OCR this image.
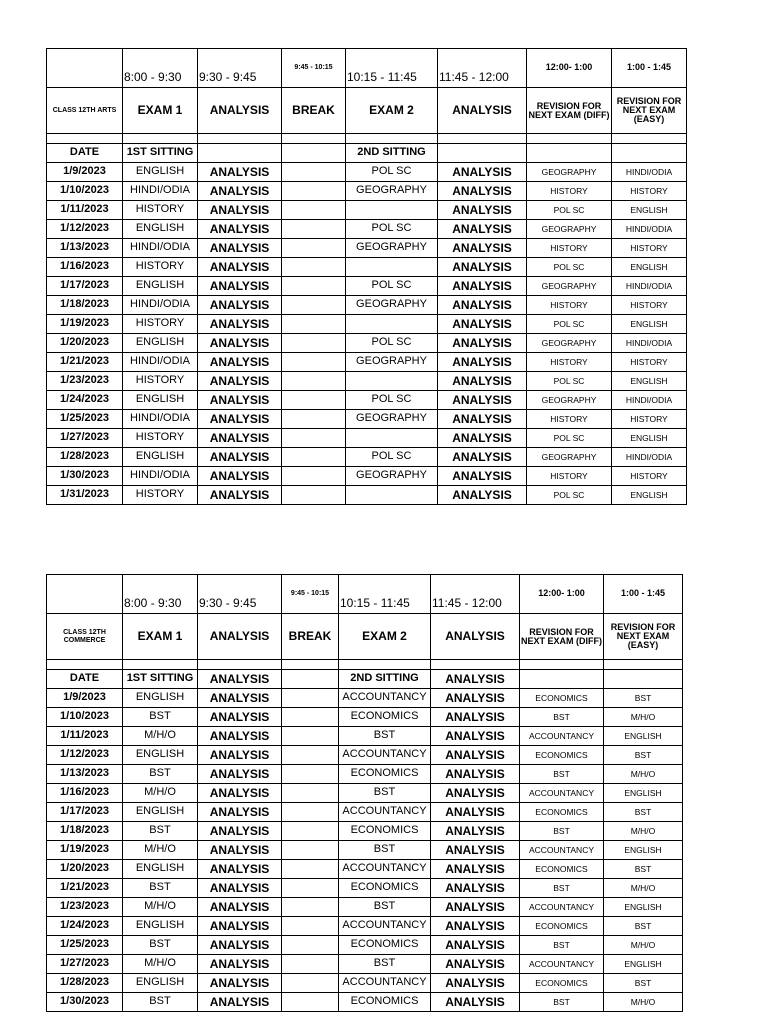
	8:00 - 9:30	9:30 - 9:45	9:45 - 10:15	10:15 - 11:45	11:45 - 12:00	12:00- 1:00	1:00 - 1:45
CLASS 12TH ARTS	EXAM 1	ANALYSIS	BREAK	EXAM 2	ANALYSIS	REVISION FOR NEXT EXAM (DIFF)	REVISION FOR NEXT EXAM (EASY)

DATE	1ST SITTING			2ND SITTING			
1/9/2023	ENGLISH	ANALYSIS		POL SC	ANALYSIS	GEOGRAPHY	HINDI/ODIA
1/10/2023	HINDI/ODIA	ANALYSIS		GEOGRAPHY	ANALYSIS	HISTORY	HISTORY
1/11/2023	HISTORY	ANALYSIS			ANALYSIS	POL SC	ENGLISH
1/12/2023	ENGLISH	ANALYSIS		POL SC	ANALYSIS	GEOGRAPHY	HINDI/ODIA
1/13/2023	HINDI/ODIA	ANALYSIS		GEOGRAPHY	ANALYSIS	HISTORY	HISTORY
1/16/2023	HISTORY	ANALYSIS			ANALYSIS	POL SC	ENGLISH
1/17/2023	ENGLISH	ANALYSIS		POL SC	ANALYSIS	GEOGRAPHY	HINDI/ODIA
1/18/2023	HINDI/ODIA	ANALYSIS		GEOGRAPHY	ANALYSIS	HISTORY	HISTORY
1/19/2023	HISTORY	ANALYSIS			ANALYSIS	POL SC	ENGLISH
1/20/2023	ENGLISH	ANALYSIS		POL SC	ANALYSIS	GEOGRAPHY	HINDI/ODIA
1/21/2023	HINDI/ODIA	ANALYSIS		GEOGRAPHY	ANALYSIS	HISTORY	HISTORY
1/23/2023	HISTORY	ANALYSIS			ANALYSIS	POL SC	ENGLISH
1/24/2023	ENGLISH	ANALYSIS		POL SC	ANALYSIS	GEOGRAPHY	HINDI/ODIA
1/25/2023	HINDI/ODIA	ANALYSIS		GEOGRAPHY	ANALYSIS	HISTORY	HISTORY
1/27/2023	HISTORY	ANALYSIS			ANALYSIS	POL SC	ENGLISH
1/28/2023	ENGLISH	ANALYSIS		POL SC	ANALYSIS	GEOGRAPHY	HINDI/ODIA
1/30/2023	HINDI/ODIA	ANALYSIS		GEOGRAPHY	ANALYSIS	HISTORY	HISTORY
1/31/2023	HISTORY	ANALYSIS			ANALYSIS	POL SC	ENGLISH
	8:00 - 9:30	9:30 - 9:45	9:45 - 10:15	10:15 - 11:45	11:45 - 12:00	12:00- 1:00	1:00 - 1:45
CLASS 12TH COMMERCE	EXAM 1	ANALYSIS	BREAK	EXAM 2	ANALYSIS	REVISION FOR NEXT EXAM (DIFF)	REVISION FOR NEXT EXAM (EASY)

DATE	1ST SITTING	ANALYSIS		2ND SITTING	ANALYSIS		
1/9/2023	ENGLISH	ANALYSIS		ACCOUNTANCY	ANALYSIS	ECONOMICS	BST
1/10/2023	BST	ANALYSIS		ECONOMICS	ANALYSIS	BST	M/H/O
1/11/2023	M/H/O	ANALYSIS		BST	ANALYSIS	ACCOUNTANCY	ENGLISH
1/12/2023	ENGLISH	ANALYSIS		ACCOUNTANCY	ANALYSIS	ECONOMICS	BST
1/13/2023	BST	ANALYSIS		ECONOMICS	ANALYSIS	BST	M/H/O
1/16/2023	M/H/O	ANALYSIS		BST	ANALYSIS	ACCOUNTANCY	ENGLISH
1/17/2023	ENGLISH	ANALYSIS		ACCOUNTANCY	ANALYSIS	ECONOMICS	BST
1/18/2023	BST	ANALYSIS		ECONOMICS	ANALYSIS	BST	M/H/O
1/19/2023	M/H/O	ANALYSIS		BST	ANALYSIS	ACCOUNTANCY	ENGLISH
1/20/2023	ENGLISH	ANALYSIS		ACCOUNTANCY	ANALYSIS	ECONOMICS	BST
1/21/2023	BST	ANALYSIS		ECONOMICS	ANALYSIS	BST	M/H/O
1/23/2023	M/H/O	ANALYSIS		BST	ANALYSIS	ACCOUNTANCY	ENGLISH
1/24/2023	ENGLISH	ANALYSIS		ACCOUNTANCY	ANALYSIS	ECONOMICS	BST
1/25/2023	BST	ANALYSIS		ECONOMICS	ANALYSIS	BST	M/H/O
1/27/2023	M/H/O	ANALYSIS		BST	ANALYSIS	ACCOUNTANCY	ENGLISH
1/28/2023	ENGLISH	ANALYSIS		ACCOUNTANCY	ANALYSIS	ECONOMICS	BST
1/30/2023	BST	ANALYSIS		ECONOMICS	ANALYSIS	BST	M/H/O
